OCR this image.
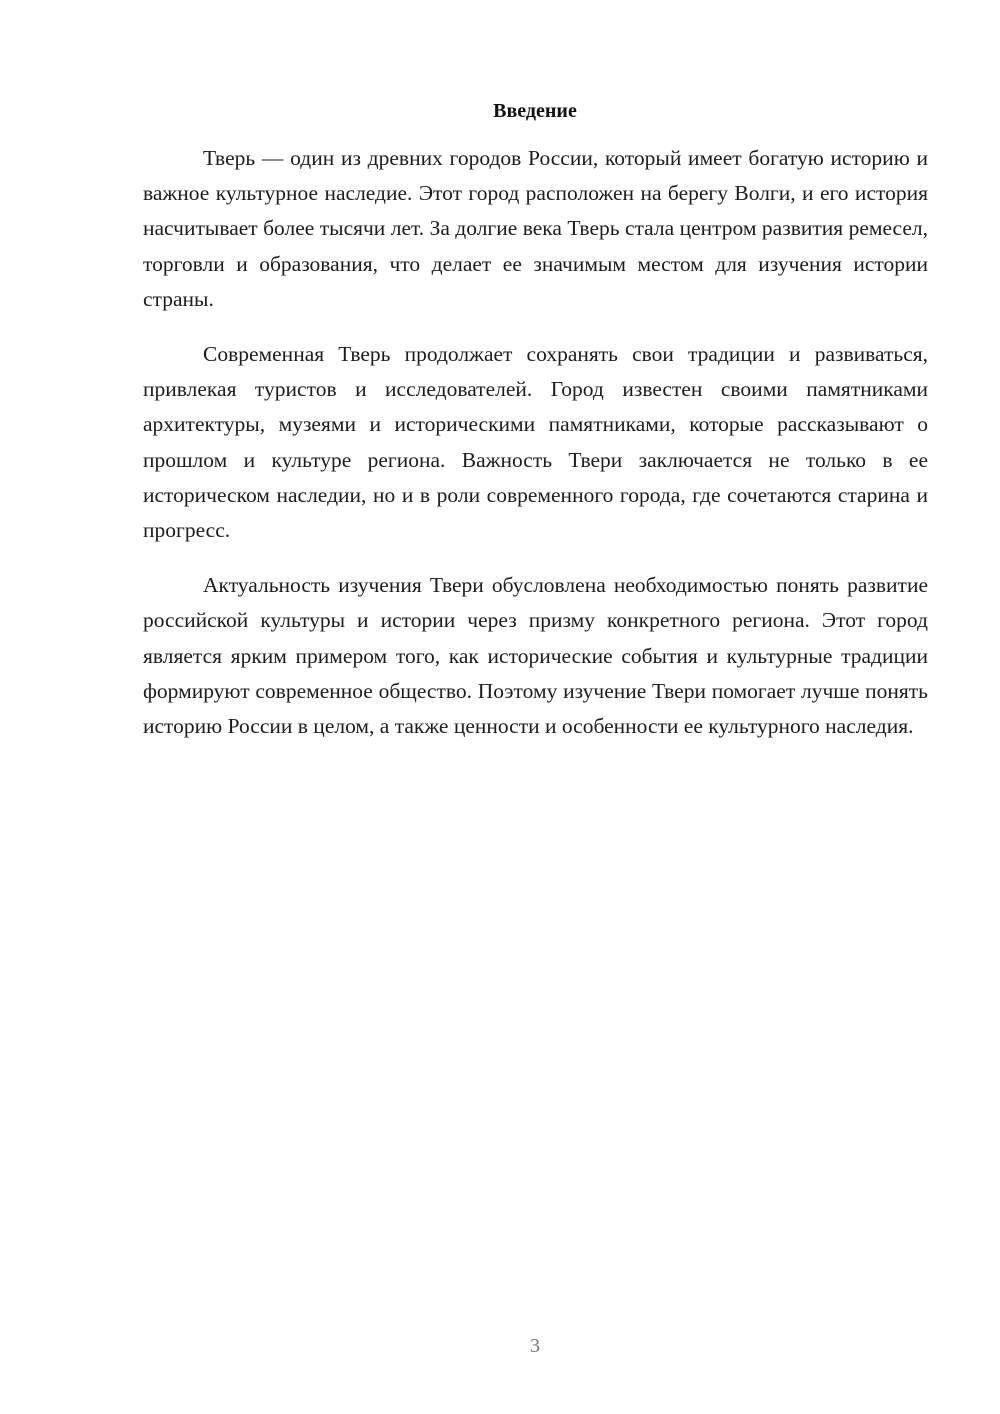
Введение

Тверь — один из древних городов России, который имеет богатую историю и важное культурное наследие. Этот город расположен на берегу Волги, и его история насчитывает более тысячи лет. За долгие века Тверь стала центром развития ремесел, торговли и образования, что делает ее значимым местом для изучения истории страны.

Современная Тверь продолжает сохранять свои традиции и развиваться, привлекая туристов и исследователей. Город известен своими памятниками архитектуры, музеями и историческими памятниками, которые рассказывают о прошлом и культуре региона. Важность Твери заключается не только в ее историческом наследии, но и в роли современного города, где сочетаются старина и прогресс.

Актуальность изучения Твери обусловлена необходимостью понять развитие российской культуры и истории через призму конкретного региона. Этот город является ярким примером того, как исторические события и культурные традиции формируют современное общество. Поэтому изучение Твери помогает лучше понять историю России в целом, а также ценности и особенности ее культурного наследия.

3
